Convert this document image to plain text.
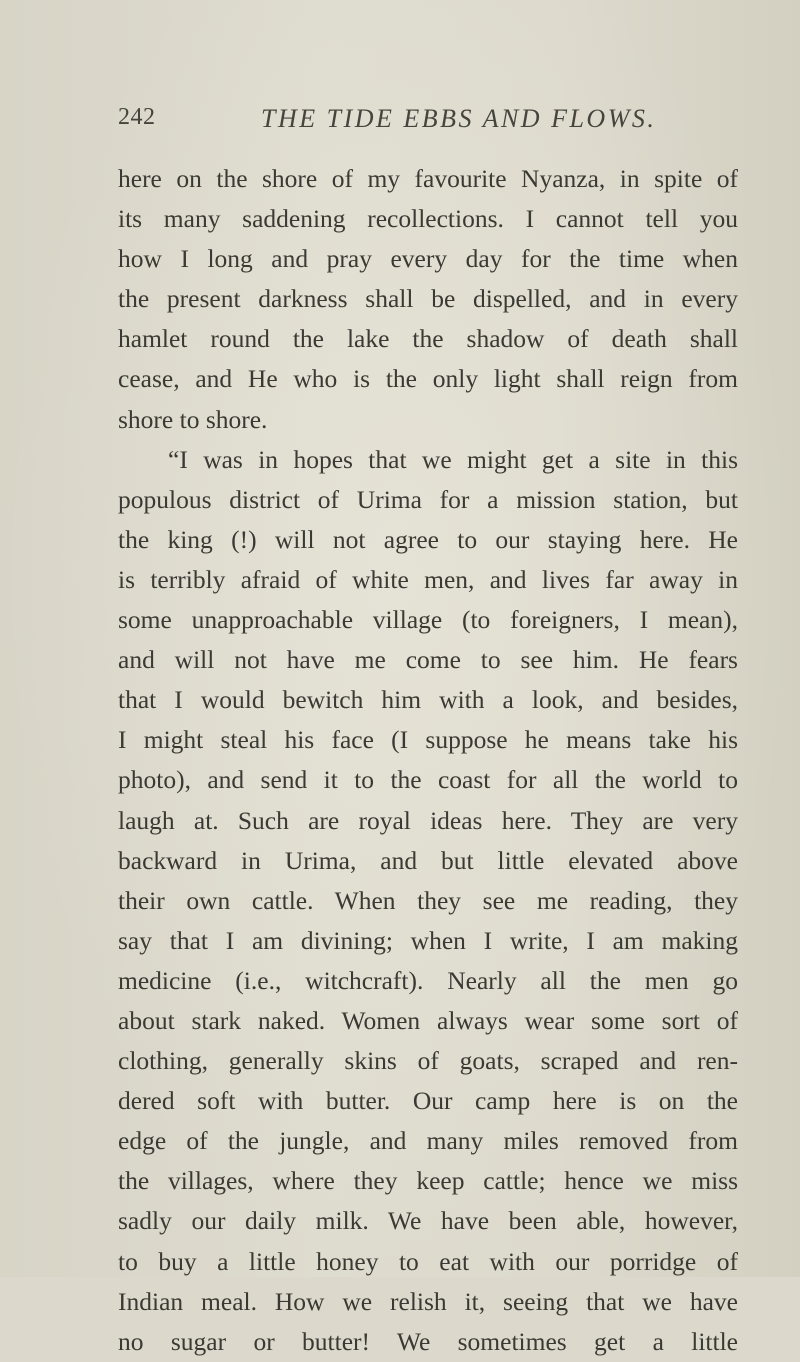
242	THE TIDE EBBS AND FLOWS.
here on the shore of my favourite Nyanza, in spite of
its many saddening recollections. I cannot tell you
how I long and pray every day for the time when
the present darkness shall be dispelled, and in every
hamlet round the lake the shadow of death shall
cease, and He who is the only light shall reign from
shore to shore.
“I was in hopes that we might get a site in this
populous district of Urima for a mission station, but
the king (!) will not agree to our staying here. He
is terribly afraid of white men, and lives far away in
some unapproachable village (to foreigners, I mean),
and will not have me come to see him. He fears
that I would bewitch him with a look, and besides,
I might steal his face (I suppose he means take his
photo), and send it to the coast for all the world to
laugh at. Such are royal ideas here. They are very
backward in Urima, and but little elevated above
their own cattle. When they see me reading, they
say that I am divining; when I write, I am making
medicine (i.e., witchcraft). Nearly all the men go
about stark naked. Women always wear some sort of
clothing, generally skins of goats, scraped and ren-
dered soft with butter. Our camp here is on the
edge of the jungle, and many miles removed from
the villages, where they keep cattle; hence we miss
sadly our daily milk. We have been able, however,
to buy a little honey to eat with our porridge of
Indian meal. How we relish it, seeing that we have
no sugar or butter! We sometimes get a little
